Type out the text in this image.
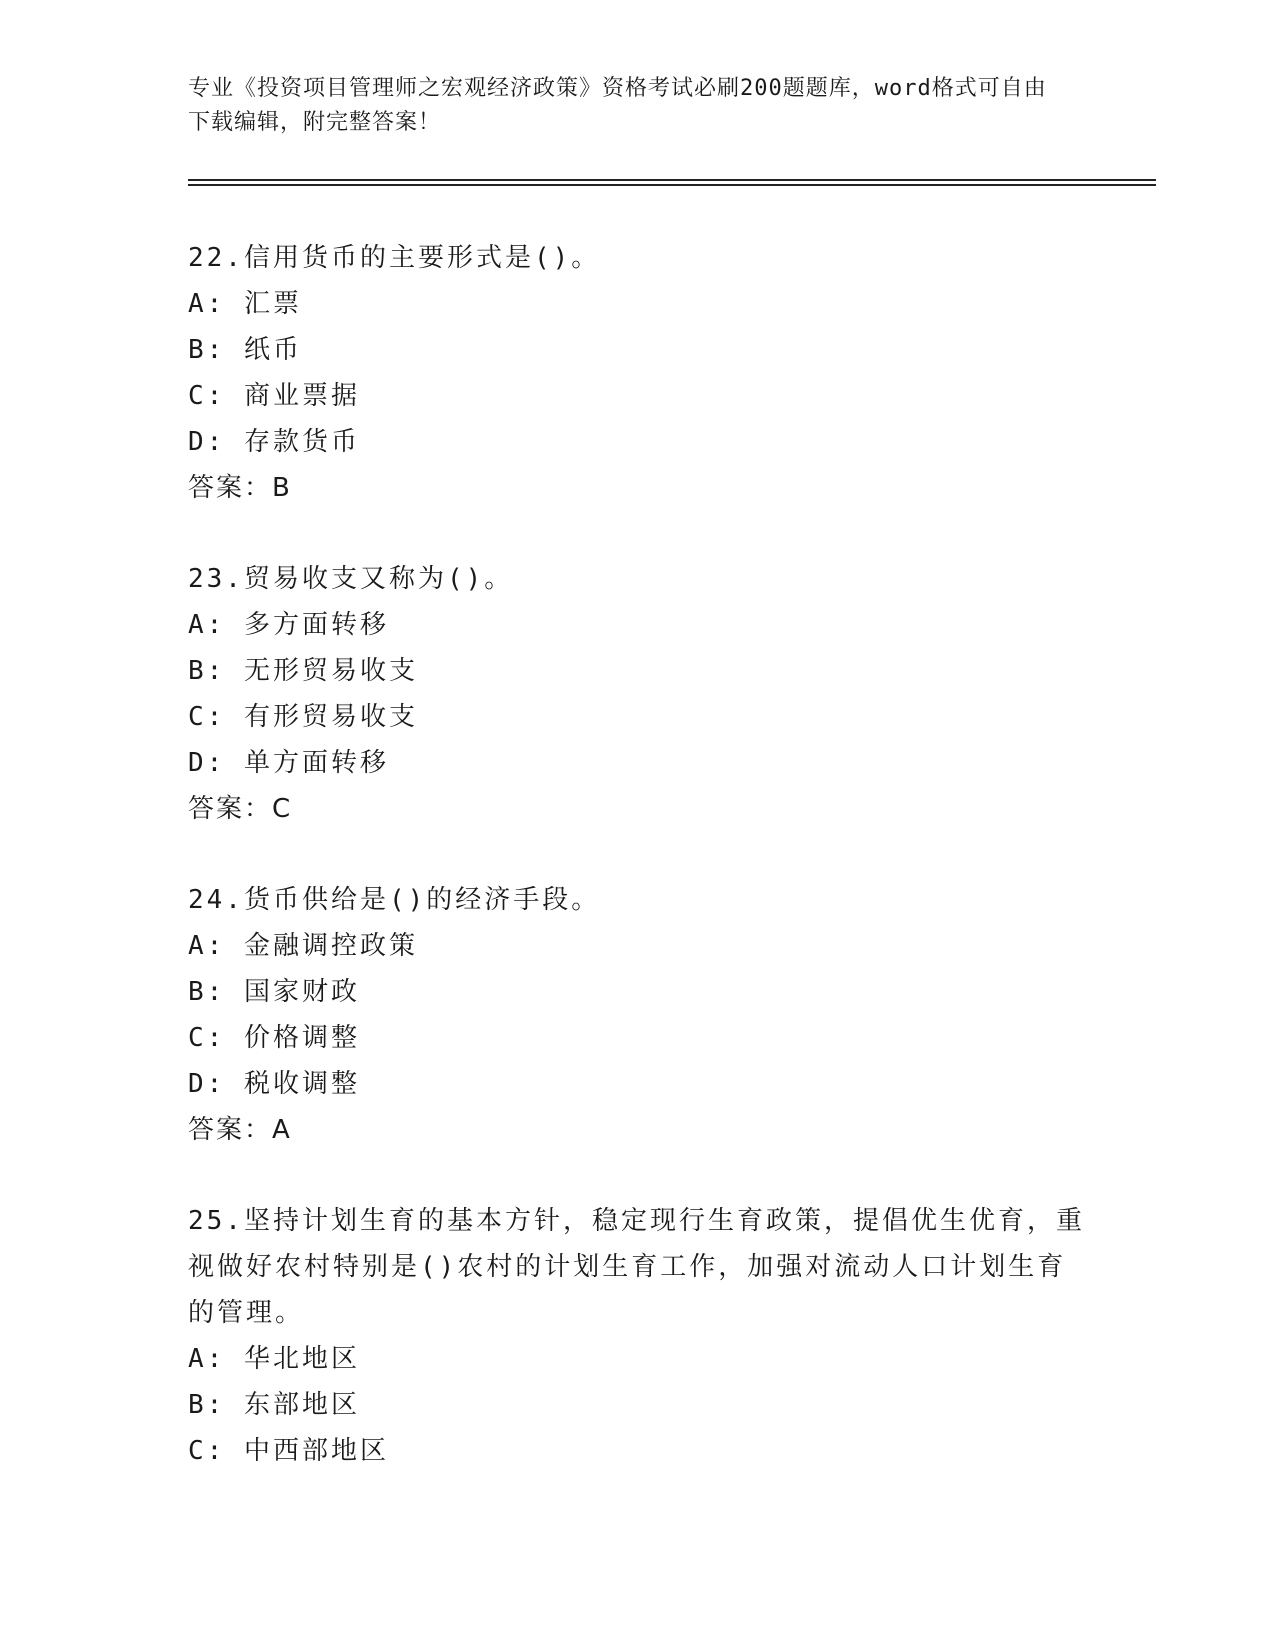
专业《投资项目管理师之宏观经济政策》资格考试必刷200题题库，word格式可自由下载编辑，附完整答案！
22.信用货币的主要形式是()。
A: 汇票
B: 纸币
C: 商业票据
D: 存款货币
答案：B
23.贸易收支又称为()。
A: 多方面转移
B: 无形贸易收支
C: 有形贸易收支
D: 单方面转移
答案：C
24.货币供给是()的经济手段。
A: 金融调控政策
B: 国家财政
C: 价格调整
D: 税收调整
答案：A
25.坚持计划生育的基本方针，稳定现行生育政策，提倡优生优育，重视做好农村特别是()农村的计划生育工作，加强对流动人口计划生育的管理。
A: 华北地区
B: 东部地区
C: 中西部地区
